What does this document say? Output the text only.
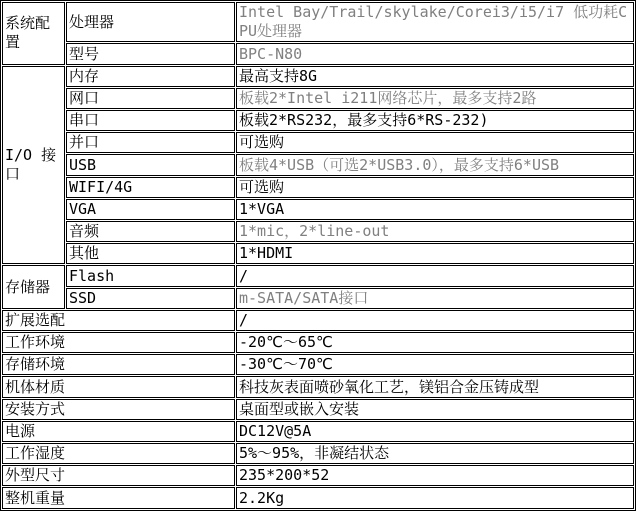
系统配置	处理器	Intel Bay/Trail/skylake/Corei3/i5/i7 低功耗CPU处理器
	型号	BPC-N80
I/O 接口	内存	最高支持8G
	网口	板载2*Intel i211网络芯片，最多支持2路
	串口	板载2*RS232，最多支持6*RS-232)
	并口	可选购
	USB	板载4*USB（可选2*USB3.0），最多支持6*USB
	WIFI/4G	可选购
	VGA	1*VGA
	音频	1*mic，2*line-out
	其他	1*HDMI
存储器	Flash	/
	SSD	m-SATA/SATA接口
扩展选配		/
工作环境		-20℃～65℃
存储环境		-30℃～70℃
机体材质		科技灰表面喷砂氧化工艺，镁铝合金压铸成型
安装方式		桌面型或嵌入安装
电源		DC12V@5A
工作湿度		5%～95%，非凝结状态
外型尺寸		235*200*52
整机重量		2.2Kg
